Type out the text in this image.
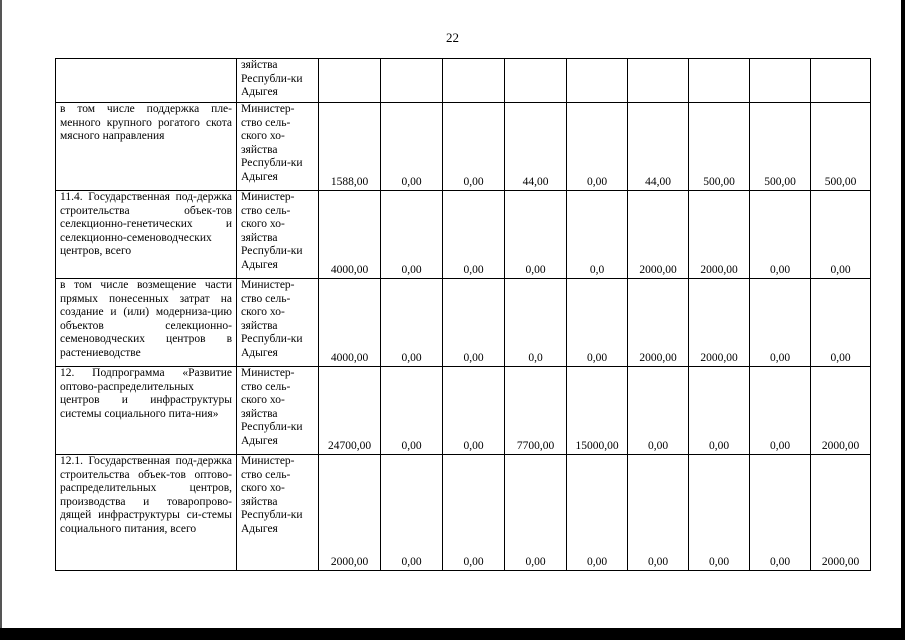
22
	зяйства Республи-ки Адыгея									
в том числе поддержка пле-менного крупного рогатого скота мясного направления	Министер-ство сель-ского хо-зяйства Республи-ки Адыгея	1588,00	0,00	0,00	44,00	0,00	44,00	500,00	500,00	500,00
11.4. Государственная под-держка строительства объек-тов селекционно-генетических и селекционно-семеноводческих центров, всего	Министер-ство сель-ского хо-зяйства Республи-ки Адыгея	4000,00	0,00	0,00	0,00	0,0	2000,00	2000,00	0,00	0,00
в том числе возмещение части прямых понесенных затрат на создание и (или) модерниза-цию объектов селекционно-семеноводческих центров в растениеводстве	Министер-ство сель-ского хо-зяйства Республи-ки Адыгея	4000,00	0,00	0,00	0,0	0,00	2000,00	2000,00	0,00	0,00
12. Подпрограмма «Развитие оптово-распределительных центров и инфраструктуры системы социального пита-ния»	Министер-ство сель-ского хо-зяйства Республи-ки Адыгея	24700,00	0,00	0,00	7700,00	15000,00	0,00	0,00	0,00	2000,00
12.1. Государственная под-держка строительства объек-тов оптово-распределительных центров, производства и товаропрово-дящей инфраструктуры си-стемы социального питания, всего	Министер-ство сель-ского хо-зяйства Республи-ки Адыгея	2000,00	0,00	0,00	0,00	0,00	0,00	0,00	0,00	2000,00
